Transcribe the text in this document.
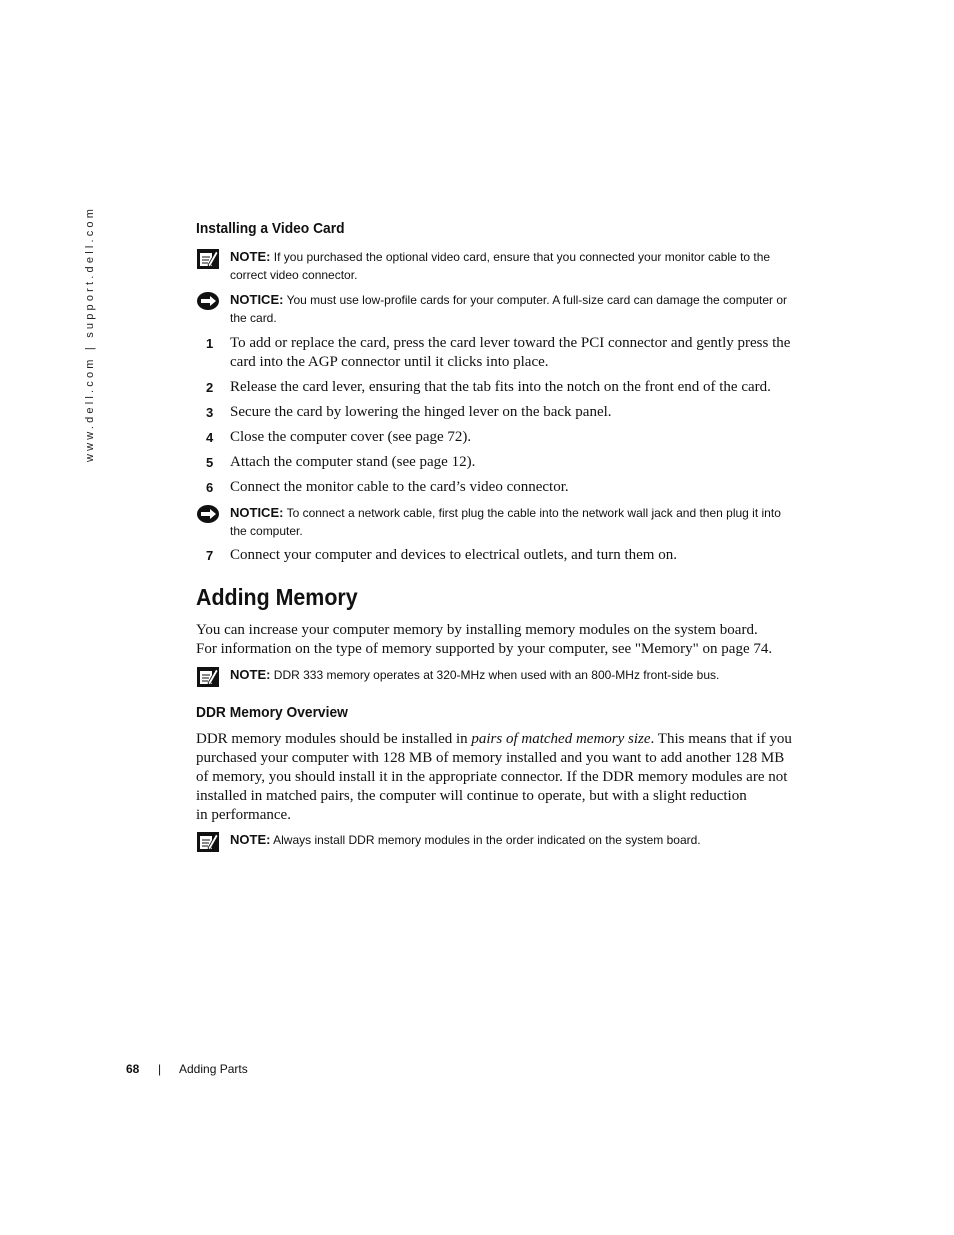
www.dell.com | support.dell.com	Installing a Video Card
NOTE: If you purchased the optional video card, ensure that you connected your monitor cable to the
correct video connector.
NOTICE: You must use low-profile cards for your computer. A full-size card can damage the computer or
the card.
1 To add or replace the card, press the card lever toward the PCI connector and gently press the
card into the AGP connector until it clicks into place.
2 Release the card lever, ensuring that the tab fits into the notch on the front end of the card.
3 Secure the card by lowering the hinged lever on the back panel.
4 Close the computer cover (see page 72).
5 Attach the computer stand (see page 12).
6 Connect the monitor cable to the card’s video connector.
NOTICE: To connect a network cable, first plug the cable into the network wall jack and then plug it into
the computer.
7 Connect your computer and devices to electrical outlets, and turn them on.
Adding Memory
You can increase your computer memory by installing memory modules on the system board.
For information on the type of memory supported by your computer, see "Memory" on page 74.
NOTE: DDR 333 memory operates at 320-MHz when used with an 800-MHz front-side bus.
DDR Memory Overview
DDR memory modules should be installed in pairs of matched memory size. This means that if you
purchased your computer with 128 MB of memory installed and you want to add another 128 MB
of memory, you should install it in the appropriate connector. If the DDR memory modules are not
installed in matched pairs, the computer will continue to operate, but with a slight reduction
in performance.
NOTE: Always install DDR memory modules in the order indicated on the system board.
68 | Adding Parts
